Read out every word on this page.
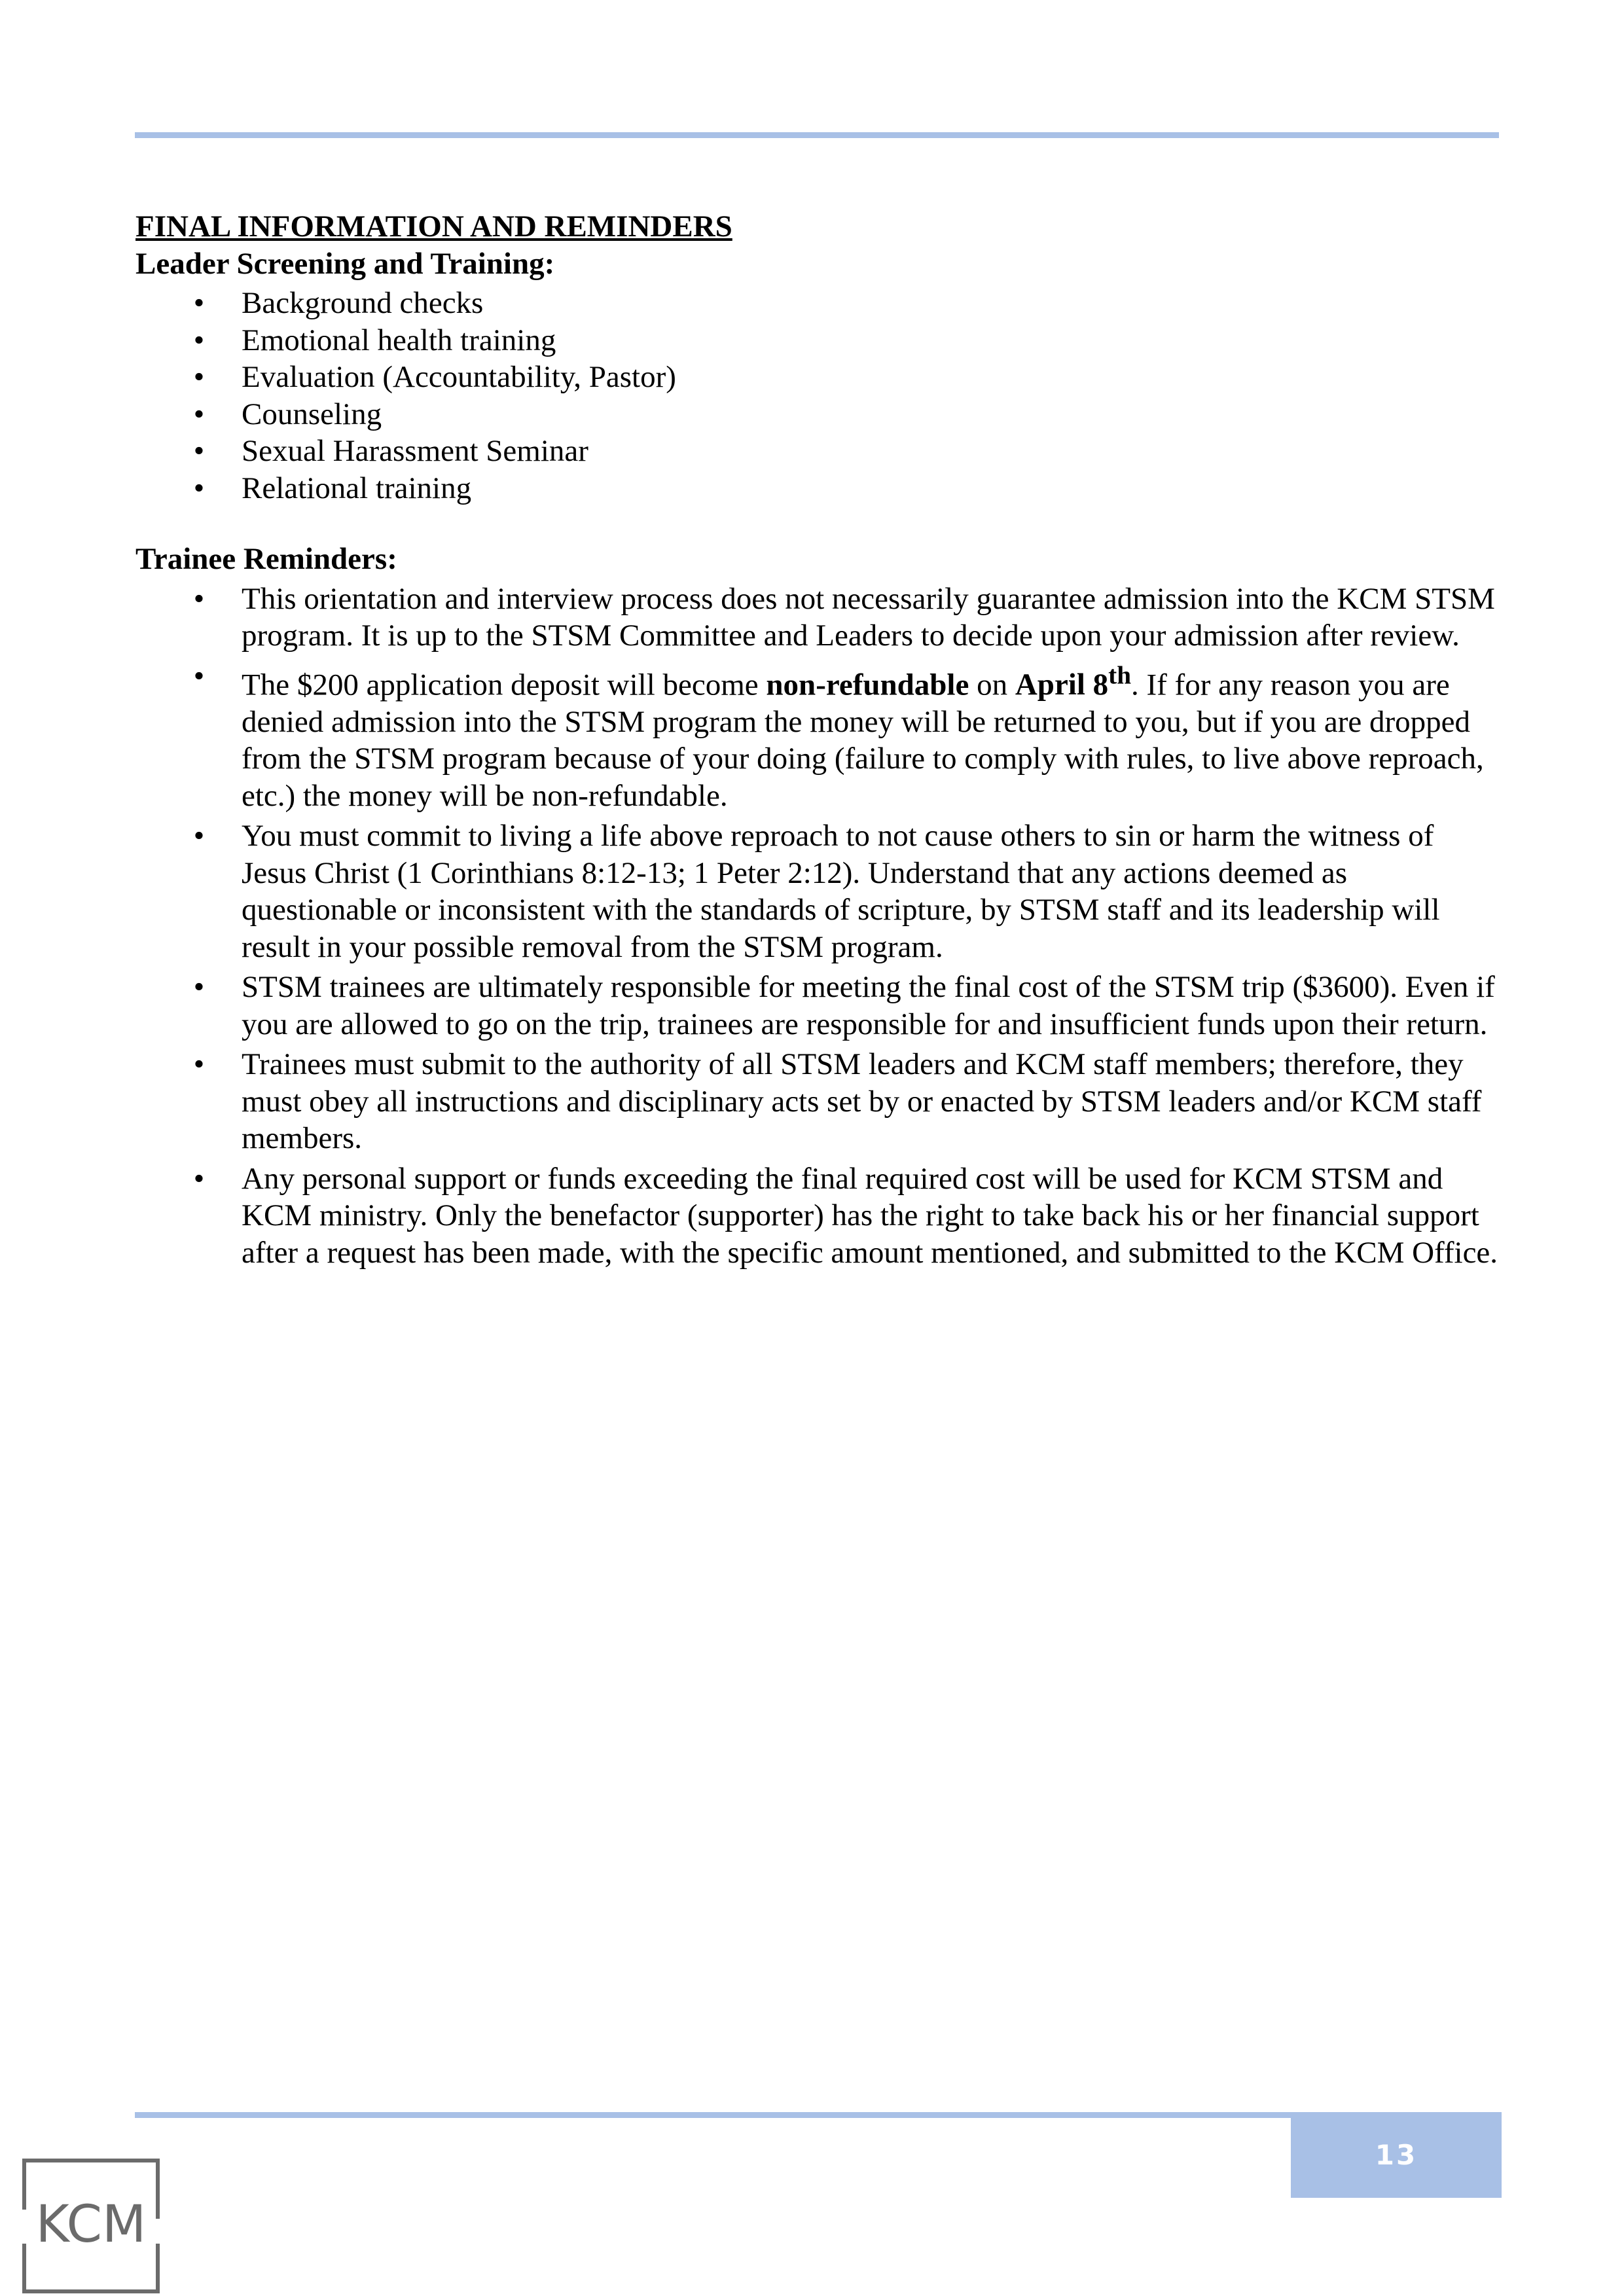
FINAL INFORMATION AND REMINDERS
Leader Screening and Training:
• Background checks
• Emotional health training
• Evaluation (Accountability, Pastor)
• Counseling
• Sexual Harassment Seminar
• Relational training
Trainee Reminders:
• This orientation and interview process does not necessarily guarantee admission into the KCM STSM program. It is up to the STSM Committee and Leaders to decide upon your admission after review.
• The $200 application deposit will become non-refundable on April 8th. If for any reason you are denied admission into the STSM program the money will be returned to you, but if you are dropped from the STSM program because of your doing (failure to comply with rules, to live above reproach, etc.) the money will be non-refundable.
• You must commit to living a life above reproach to not cause others to sin or harm the witness of Jesus Christ (1 Corinthians 8:12-13; 1 Peter 2:12). Understand that any actions deemed as questionable or inconsistent with the standards of scripture, by STSM staff and its leadership will result in your possible removal from the STSM program.
• STSM trainees are ultimately responsible for meeting the final cost of the STSM trip ($3600). Even if you are allowed to go on the trip, trainees are responsible for and insufficient funds upon their return.
• Trainees must submit to the authority of all STSM leaders and KCM staff members; therefore, they must obey all instructions and disciplinary acts set by or enacted by STSM leaders and/or KCM staff members.
• Any personal support or funds exceeding the final required cost will be used for KCM STSM and KCM ministry. Only the benefactor (supporter) has the right to take back his or her financial support after a request has been made, with the specific amount mentioned, and submitted to the KCM Office.
13
KCM
